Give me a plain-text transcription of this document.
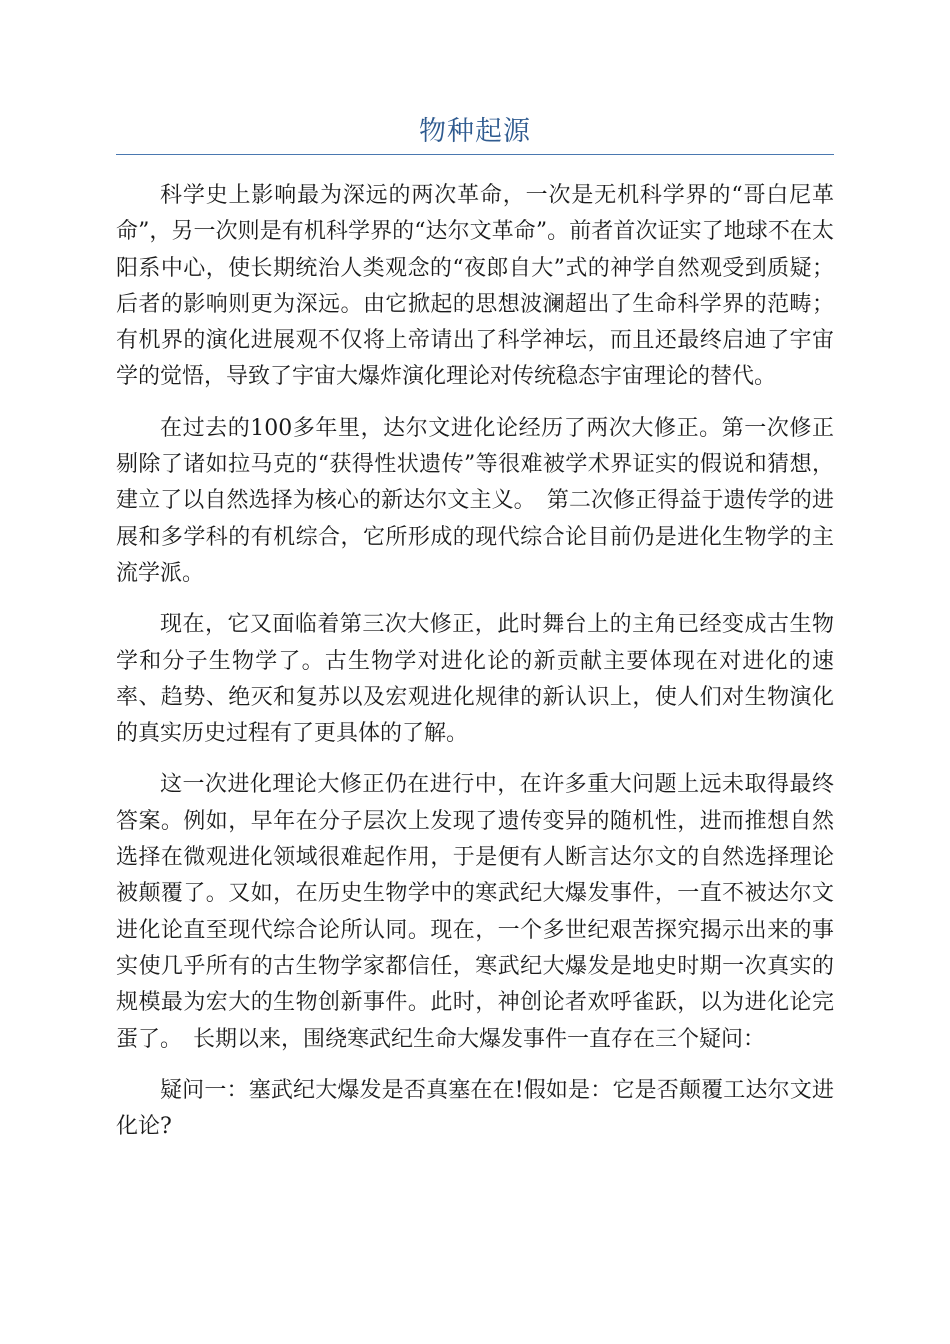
物种起源

科学史上影响最为深远的两次革命，一次是无机科学界的“哥白尼革命”，另一次则是有机科学界的“达尔文革命”。前者首次证实了地球不在太阳系中心，使长期统治人类观念的“夜郎自大”式的神学自然观受到质疑；后者的影响则更为深远。由它掀起的思想波澜超出了生命科学界的范畴；有机界的演化进展观不仅将上帝请出了科学神坛，而且还最终启迪了宇宙学的觉悟，导致了宇宙大爆炸演化理论对传统稳态宇宙理论的替代。

在过去的100多年里，达尔文进化论经历了两次大修正。第一次修正剔除了诸如拉马克的“获得性状遗传”等很难被学术界证实的假说和猜想，建立了以自然选择为核心的新达尔文主义。　第二次修正得益于遗传学的进展和多学科的有机综合，它所形成的现代综合论目前仍是进化生物学的主流学派。

现在，它又面临着第三次大修正，此时舞台上的主角已经变成古生物学和分子生物学了。古生物学对进化论的新贡献主要体现在对进化的速率、趋势、绝灭和复苏以及宏观进化规律的新认识上，使人们对生物演化的真实历史过程有了更具体的了解。

这一次进化理论大修正仍在进行中，在许多重大问题上远未取得最终答案。例如，早年在分子层次上发现了遗传变异的随机性，进而推想自然选择在微观进化领域很难起作用，于是便有人断言达尔文的自然选择理论被颠覆了。又如，在历史生物学中的寒武纪大爆发事件，一直不被达尔文进化论直至现代综合论所认同。现在，一个多世纪艰苦探究揭示出来的事实使几乎所有的古生物学家都信任，寒武纪大爆发是地史时期一次真实的规模最为宏大的生物创新事件。此时，神创论者欢呼雀跃，以为进化论完蛋了。　长期以来，围绕寒武纪生命大爆发事件一直存在三个疑问：

疑问一：塞武纪大爆发是否真塞在在!假如是：它是否颠覆工达尔文进化论?
